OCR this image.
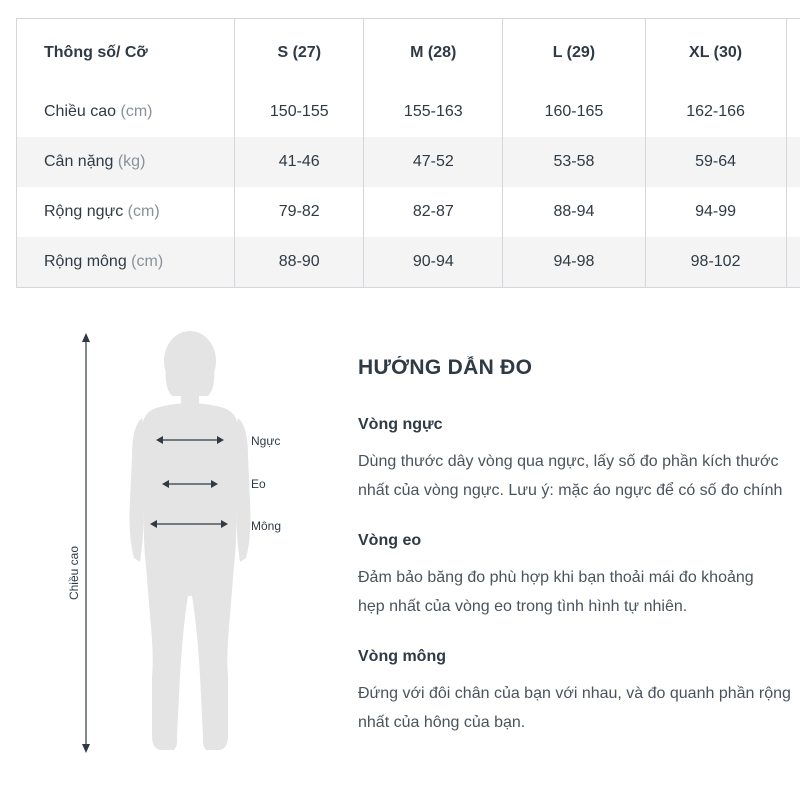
Thông số/ Cỡ	S (27)	M (28)	L (29)	XL (30)	
Chiều cao (cm)	150-155	155-163	160-165	162-166	
Cân nặng (kg)	41-46	47-52	53-58	59-64	
Rộng ngực (cm)	79-82	82-87	88-94	94-99	
Rộng mông (cm)	88-90	90-94	94-98	98-102	
Chiều cao
Ngực
Eo
Mông
HƯỚNG DẪN ĐO
Vòng ngực

Dùng thước dây vòng qua ngực, lấy số đo phần kích thước

nhất của vòng ngực. Lưu ý: mặc áo ngực để có số đo chính

Vòng eo

Đảm bảo băng đo phù hợp khi bạn thoải mái đo khoảng

hẹp nhất của vòng eo trong tình hình tự nhiên.

Vòng mông

Đứng với đôi chân của bạn với nhau, và đo quanh phần rộng

nhất của hông của bạn.
